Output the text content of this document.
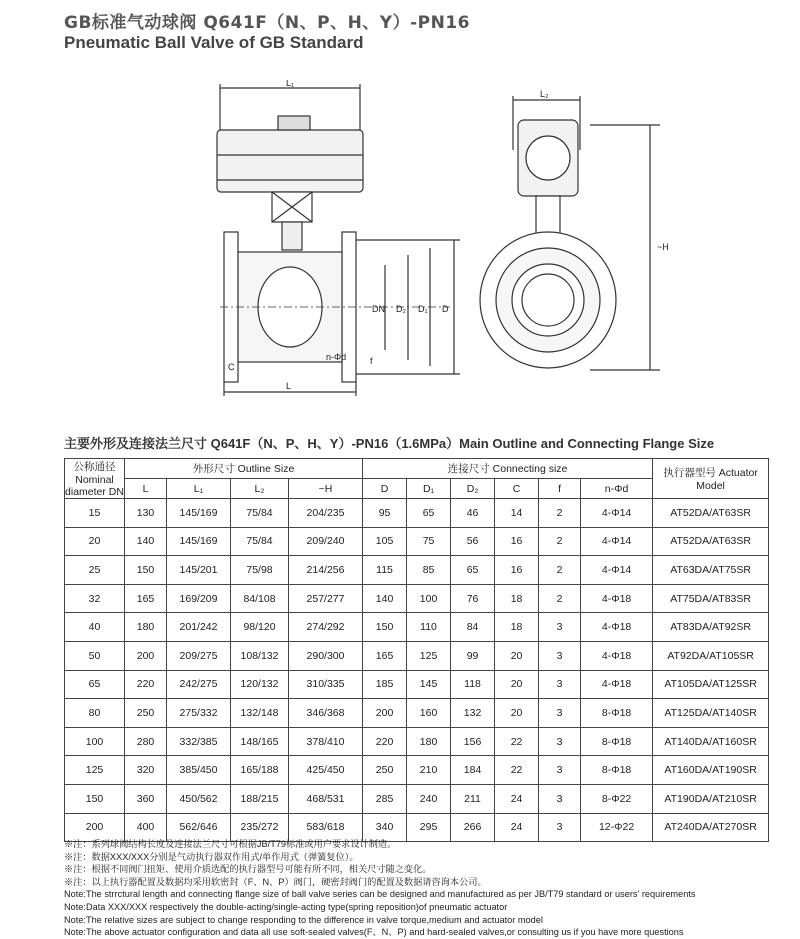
GB标准气动球阀 Q641F（N、P、H、Y）-PN16
Pneumatic Ball Valve of GB Standard
L₁
L₂
~H
DN D₂ D₁ D
C
f
L
n-Φd
主要外形及连接法兰尺寸 Q641F（N、P、H、Y）-PN16（1.6MPa）Main Outline and Connecting Flange Size
公称通径 Nominal diameter DN	外形尺寸 Outline Size				连接尺寸 Connecting size						执行器型号 Actuator Model
	L	L₁	L₂	~H	D	D₁	D₂	C	f	n-Φd	
15	130	145/169	75/84	204/235	95	65	46	14	2	4-Φ14	AT52DA/AT63SR
20	140	145/169	75/84	209/240	105	75	56	16	2	4-Φ14	AT52DA/AT63SR
25	150	145/201	75/98	214/256	115	85	65	16	2	4-Φ14	AT63DA/AT75SR
32	165	169/209	84/108	257/277	140	100	76	18	2	4-Φ18	AT75DA/AT83SR
40	180	201/242	98/120	274/292	150	110	84	18	3	4-Φ18	AT83DA/AT92SR
50	200	209/275	108/132	290/300	165	125	99	20	3	4-Φ18	AT92DA/AT105SR
65	220	242/275	120/132	310/335	185	145	118	20	3	4-Φ18	AT105DA/AT125SR
80	250	275/332	132/148	346/368	200	160	132	20	3	8-Φ18	AT125DA/AT140SR
100	280	332/385	148/165	378/410	220	180	156	22	3	8-Φ18	AT140DA/AT160SR
125	320	385/450	165/188	425/450	250	210	184	22	3	8-Φ18	AT160DA/AT190SR
150	360	450/562	188/215	468/531	285	240	211	24	3	8-Φ22	AT190DA/AT210SR
200	400	562/646	235/272	583/618	340	295	266	24	3	12-Φ22	AT240DA/AT270SR
※注：系列球阀结构长度及连接法兰尺寸可根据JB/T79标准或用户要求设计制造。
※注：数据XXX/XXX分别是气动执行器双作用式/单作用式（弹簧复位）。
※注：根据不同阀门扭矩、使用介质选配的执行器型号可能有所不同，相关尺寸随之变化。
※注：以上执行器配置及数据均采用软密封（F、N、P）阀门，硬密封阀门的配置及数据请咨询本公司。
Note:The strrctural length and connecting flange size of ball valve series can be designed and manufactured as per JB/T79 standard or users' requirements
Note:Data XXX/XXX respectively the double-acting/single-acting type(spring reposition)of pneumatic actuator
Note:The relative sizes are subject to change responding to the difference in valve torque,medium and actuator model
Note:The above actuator configuration and data all use soft-sealed valves(F、N、P) and hard-sealed valves,or consulting us if you have more questions
